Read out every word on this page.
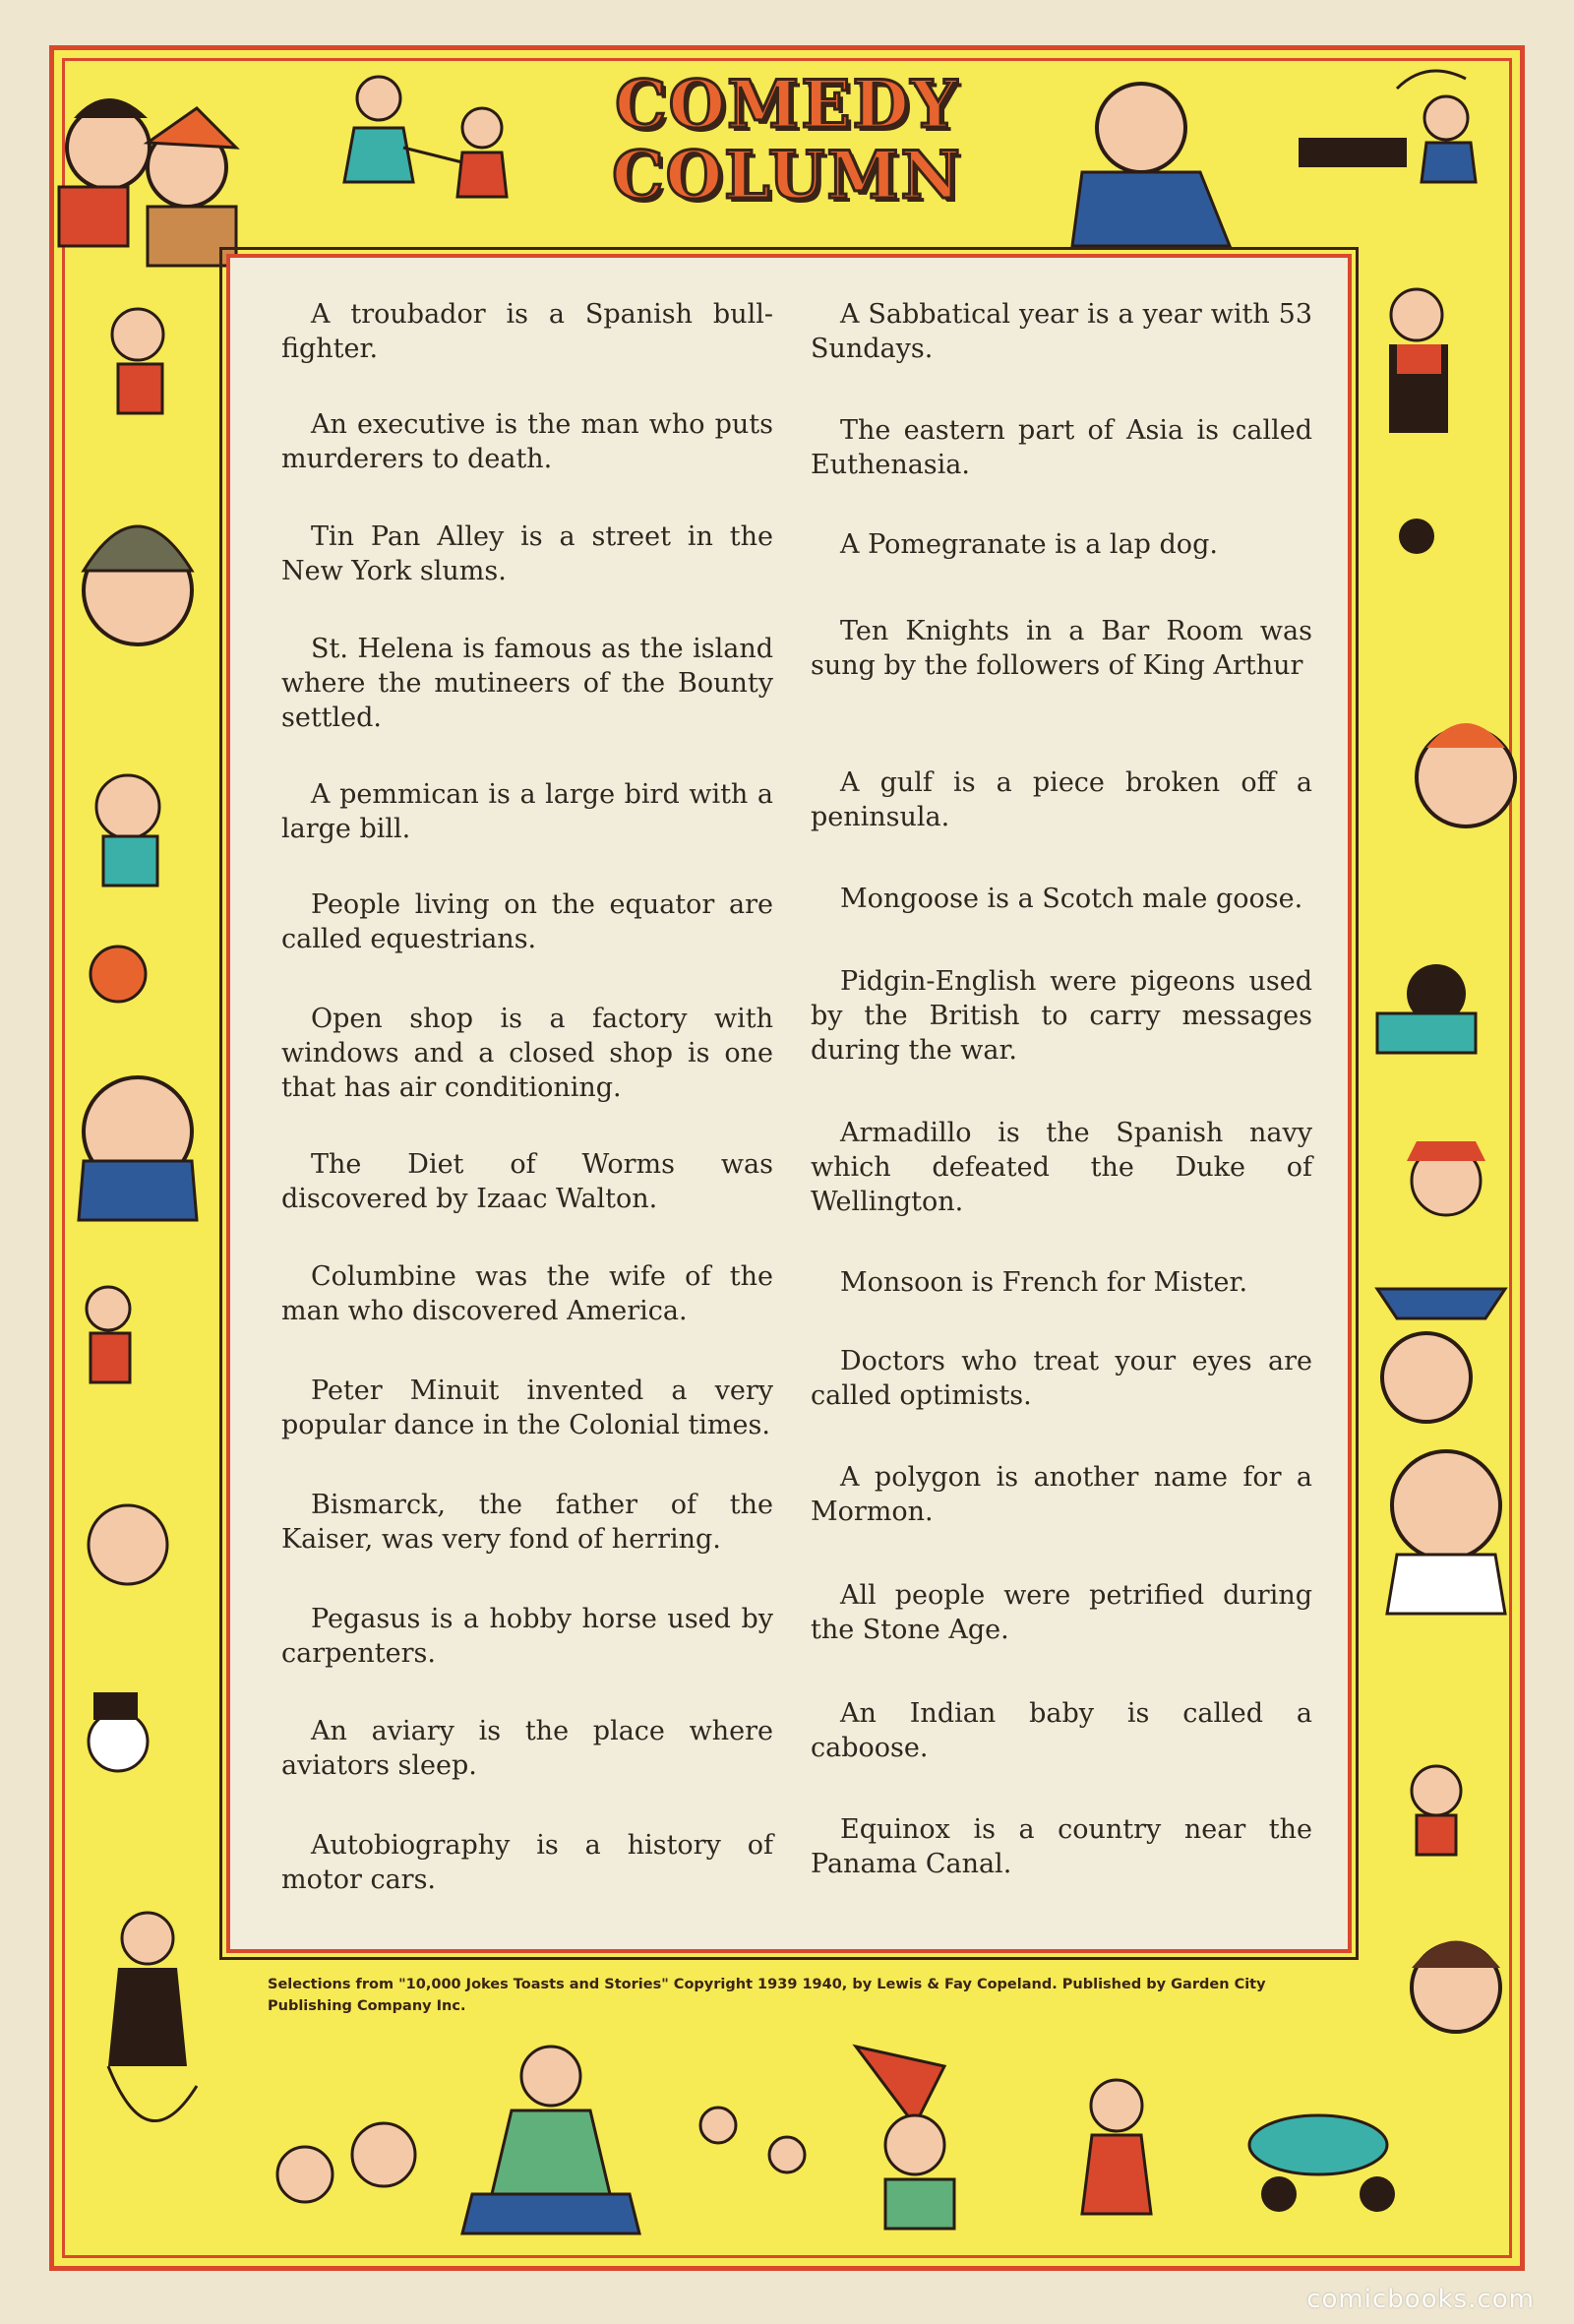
COMEDY
COLUMN

A troubador is a Spanish bull-fighter.

An executive is the man who puts murderers to death.

Tin Pan Alley is a street in the New York slums.

St. Helena is famous as the island where the mutineers of the Bounty settled.

A pemmican is a large bird with a large bill.

People living on the equator are called equestrians.

Open shop is a factory with windows and a closed shop is one that has air conditioning.

The Diet of Worms was discovered by Izaac Walton.

Columbine was the wife of the man who discovered America.

Peter Minuit invented a very popular dance in the Colonial times.

Bismarck, the father of the Kaiser, was very fond of herring.

Pegasus is a hobby horse used by carpenters.

An aviary is the place where aviators sleep.

Autobiography is a history of motor cars.

A Sabbatical year is a year with 53 Sundays.

The eastern part of Asia is called Euthenasia.

A Pomegranate is a lap dog.

Ten Knights in a Bar Room was sung by the followers of King Arthur

A gulf is a piece broken off a peninsula.

Mongoose is a Scotch male goose.

Pidgin-English were pigeons used by the British to carry messages during the war.

Armadillo is the Spanish navy which defeated the Duke of Wellington.

Monsoon is French for Mister.

Doctors who treat your eyes are called optimists.

A polygon is another name for a Mormon.

All people were petrified during the Stone Age.

An Indian baby is called a caboose.

Equinox is a country near the Panama Canal.

Selections from "10,000 Jokes Toasts and Stories" Copyright 1939 1940, by Lewis & Fay Copeland. Published by Garden City Publishing Company Inc.
comicbooks.com
